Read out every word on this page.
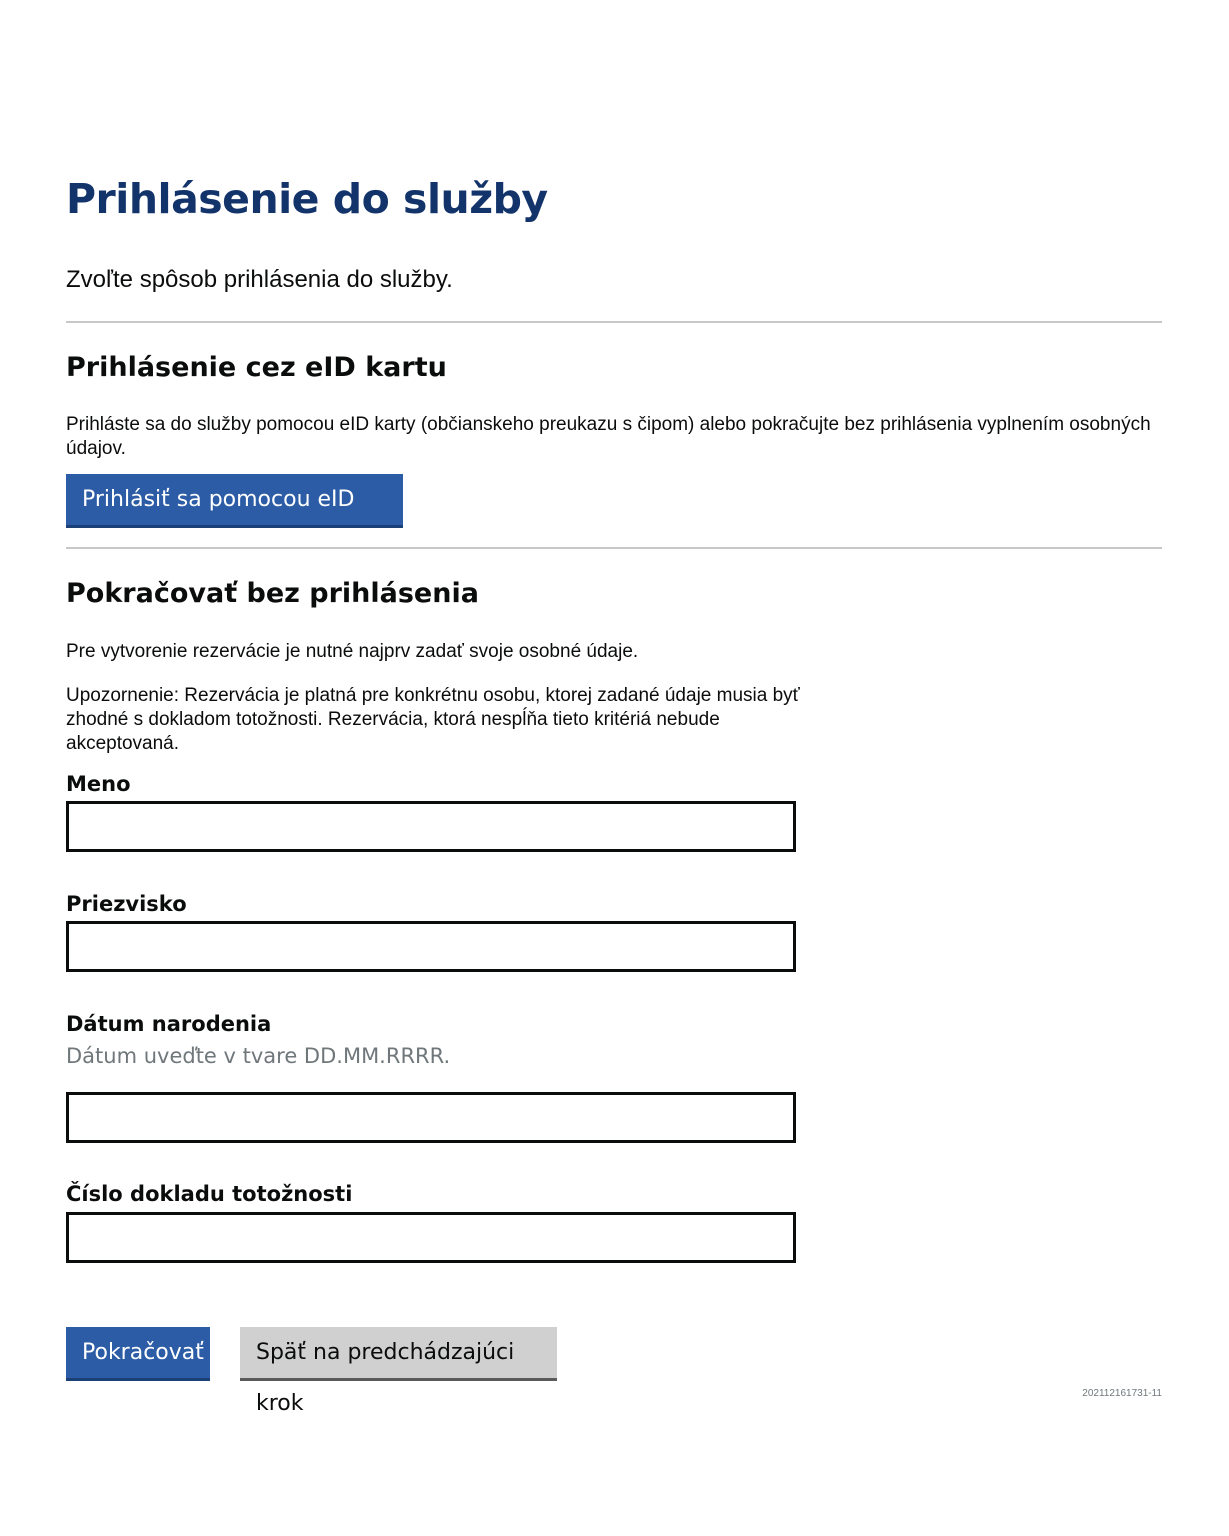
Prihlásenie do služby

Zvoľte spôsob prihlásenia do služby.

Prihlásenie cez eID kartu

Prihláste sa do služby pomocou eID karty (občianskeho preukazu s čipom) alebo pokračujte bez prihlásenia vyplnením osobných údajov.

Prihlásiť sa pomocou eID karty
Pokračovať bez prihlásenia

Pre vytvorenie rezervácie je nutné najprv zadať svoje osobné údaje.

Upozornenie: Rezervácia je platná pre konkrétnu osobu, ktorej zadané údaje musia byť zhodné s dokladom totožnosti. Rezervácia, ktorá nespĺňa tieto kritériá nebude akceptovaná.

Meno
Priezvisko
Dátum narodenia

Dátum uveďte v tvare DD.MM.RRRR.

Číslo dokladu totožnosti
Pokračovať	Späť na predchádzajúci krok	202112161731-11
